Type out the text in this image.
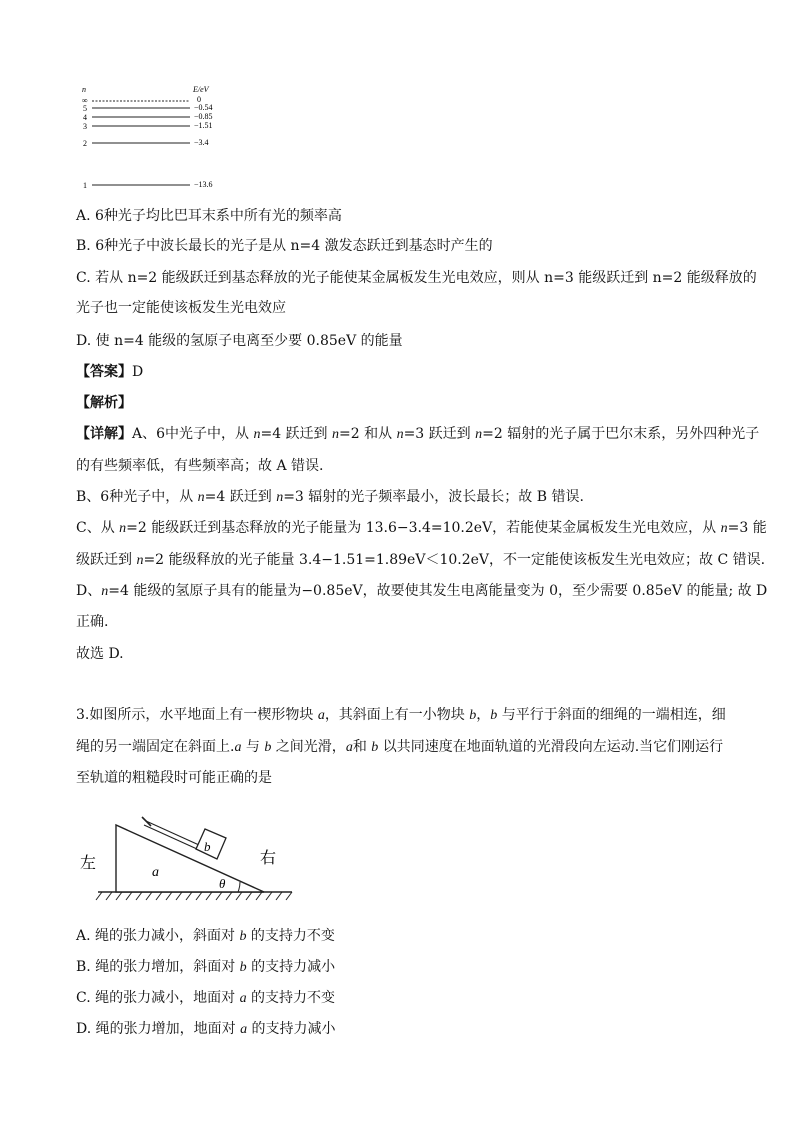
n	E/eV
∞	0
5	−0.54
4	−0.85
3	−1.51
2	−3.4
1	−13.6
A. 6种光子均比巴耳末系中所有光的频率高
B. 6种光子中波长最长的光子是从 n=4 激发态跃迁到基态时产生的
C. 若从 n=2 能级跃迁到基态释放的光子能使某金属板发生光电效应，则从 n=3 能级跃迁到 n=2 能级释放的
光子也一定能使该板发生光电效应
D. 使 n=4 能级的氢原子电离至少要 0.85eV 的能量
【答案】D
【解析】
【详解】A、6中光子中，从 n=4 跃迁到 n=2 和从 n=3 跃迁到 n=2 辐射的光子属于巴尔末系，另外四种光子
的有些频率低，有些频率高；故 A 错误.
B、6种光子中，从 n=4 跃迁到 n=3 辐射的光子频率最小，波长最长；故 B 错误.
C、从 n=2 能级跃迁到基态释放的光子能量为 13.6−3.4=10.2eV，若能使某金属板发生光电效应，从 n=3 能
级跃迁到 n=2 能级释放的光子能量 3.4−1.51=1.89eV＜10.2eV，不一定能使该板发生光电效应；故 C 错误.
D、n=4 能级的氢原子具有的能量为−0.85eV，故要使其发生电离能量变为 0，至少需要 0.85eV 的能量; 故 D
正确.
故选 D.
3.如图所示，水平地面上有一楔形物块 a，其斜面上有一小物块 b，b 与平行于斜面的细绳的一端相连，细
绳的另一端固定在斜面上.a 与 b 之间光滑，a和 b 以共同速度在地面轨道的光滑段向左运动.当它们刚运行
至轨道的粗糙段时可能正确的是
左	右
a
b
θ
A. 绳的张力减小，斜面对 b 的支持力不变
B. 绳的张力增加，斜面对 b 的支持力减小
C. 绳的张力减小，地面对 a 的支持力不变
D. 绳的张力增加，地面对 a 的支持力减小
